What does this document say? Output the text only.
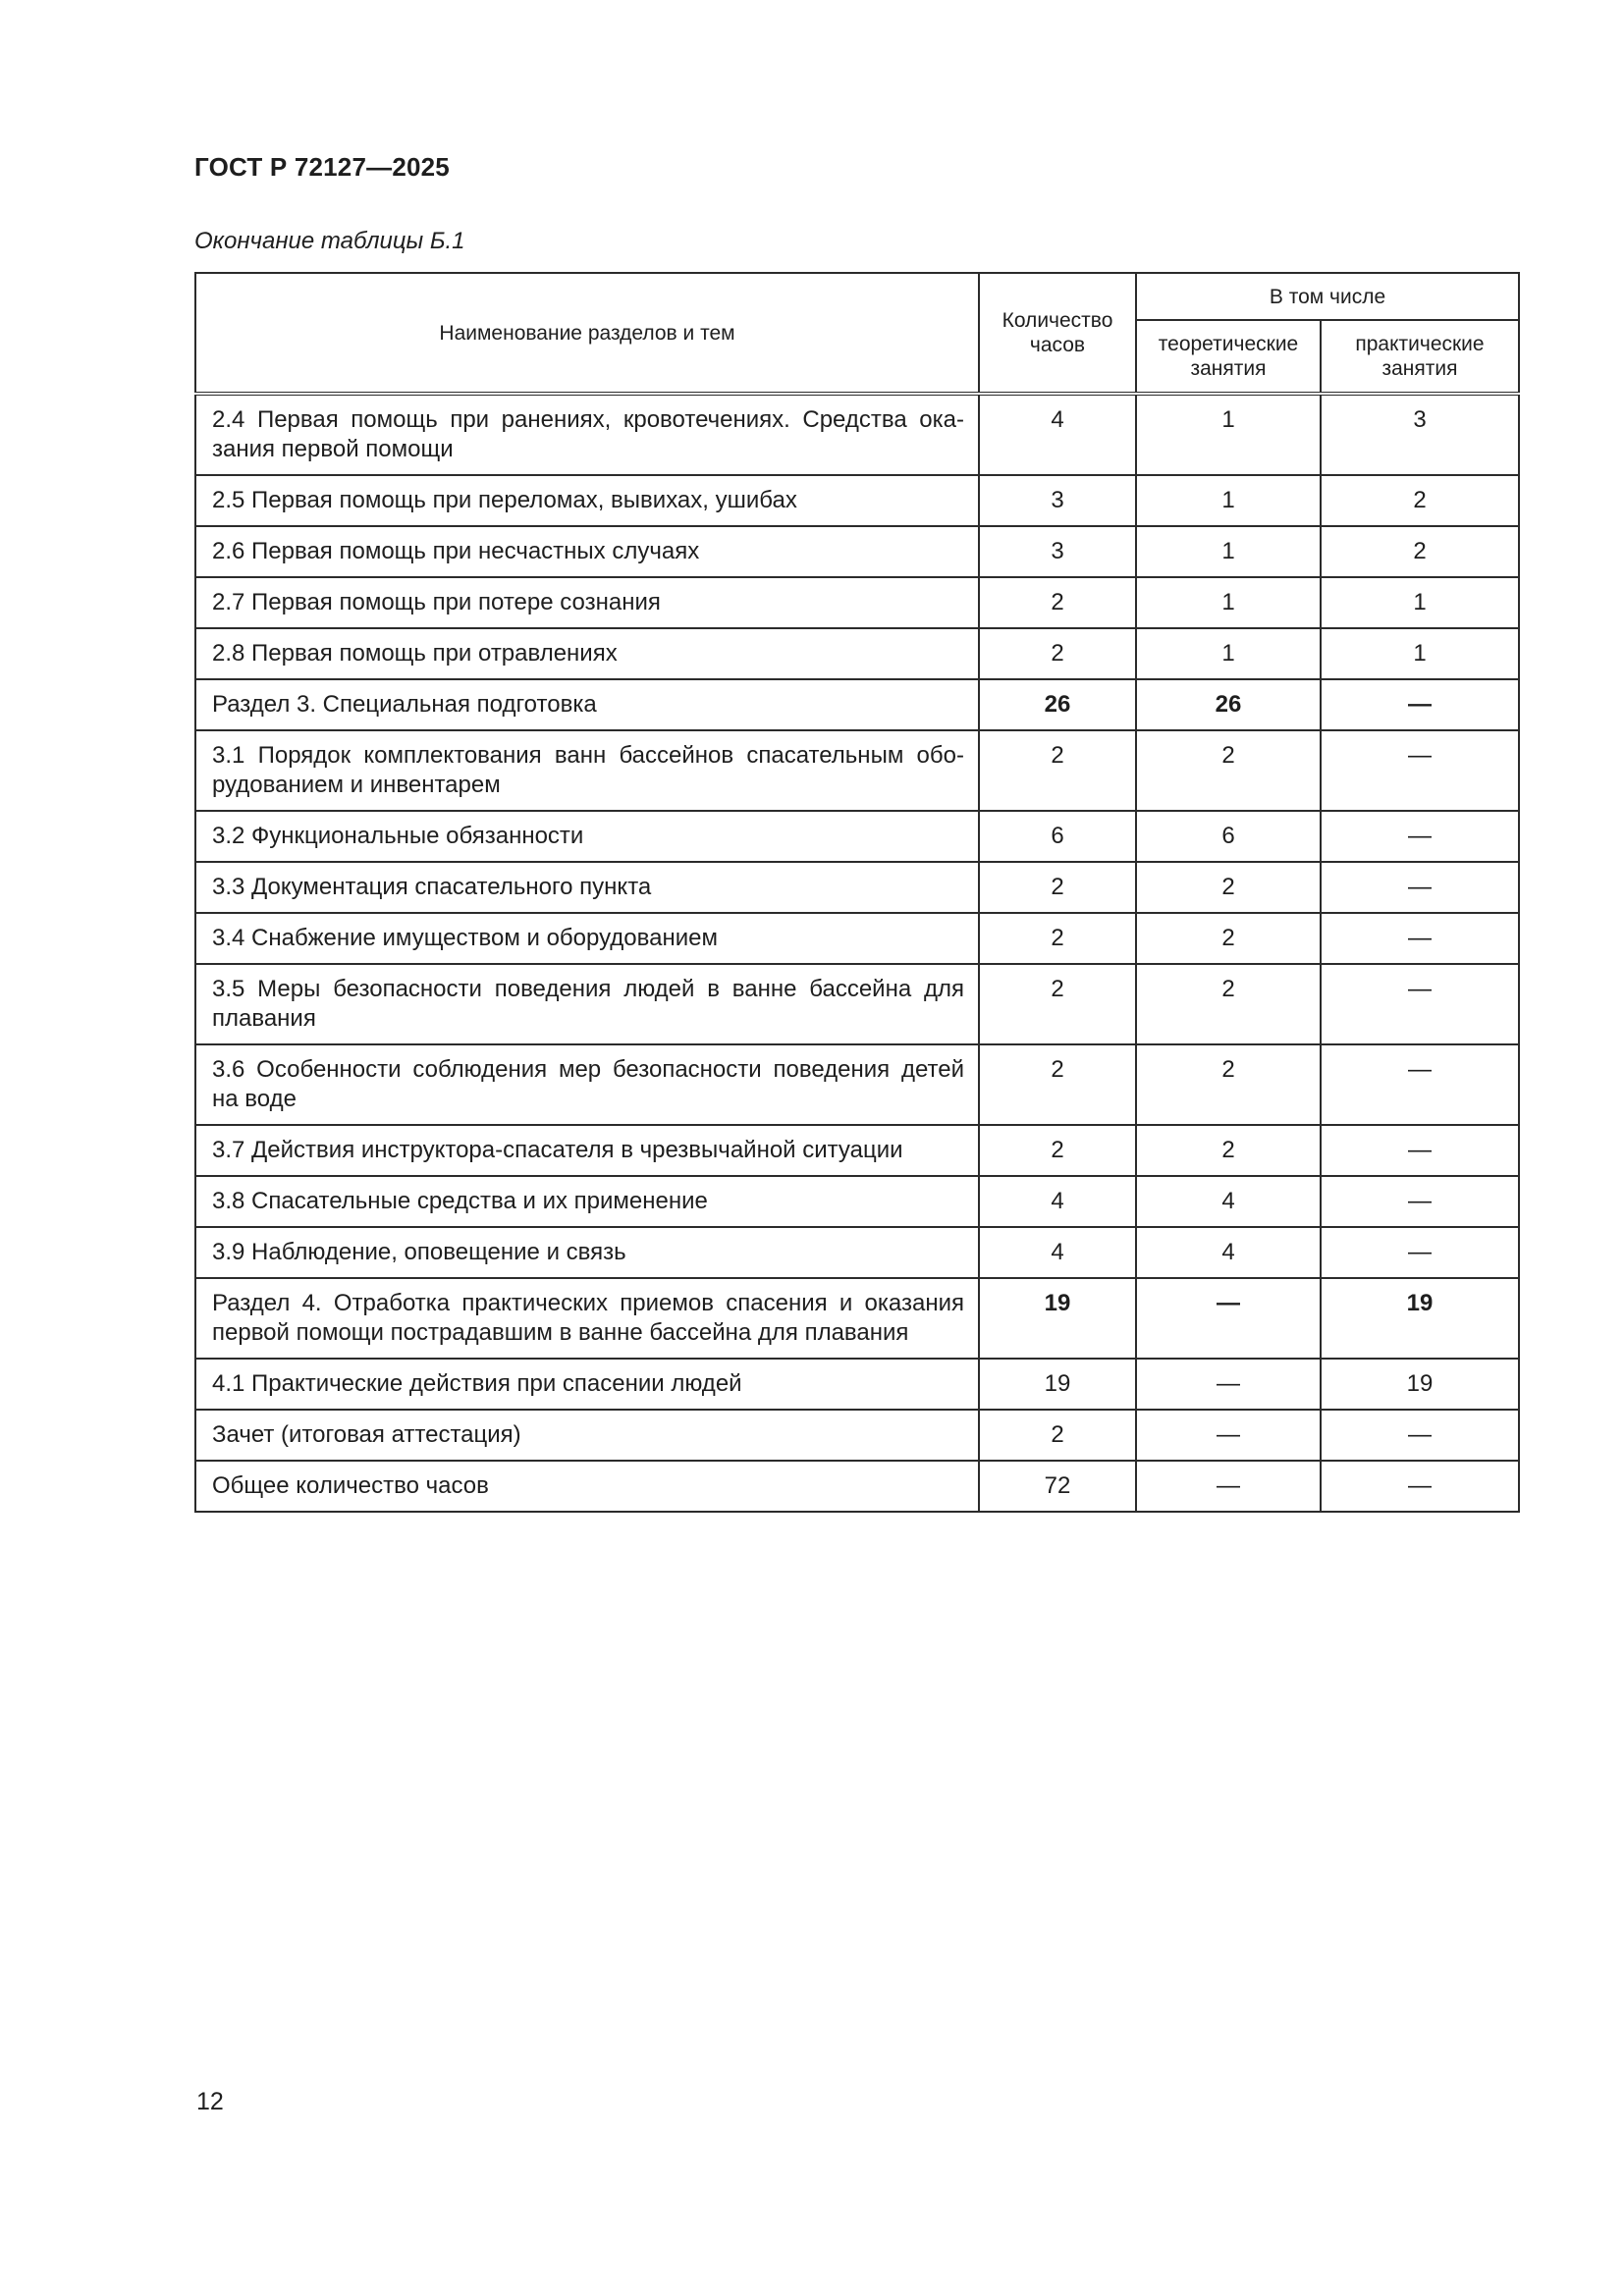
ГОСТ Р 72127—2025
Окончание таблицы Б.1
Наименование разделов и тем	Количество часов	В том числе	
		теоретические занятия	практические занятия
2.4 Первая помощь при ранениях, кровотечениях. Средства ока-зания первой помощи	4	1	3
2.5 Первая помощь при переломах, вывихах, ушибах	3	1	2
2.6 Первая помощь при несчастных случаях	3	1	2
2.7 Первая помощь при потере сознания	2	1	1
2.8 Первая помощь при отравлениях	2	1	1
Раздел 3. Специальная подготовка	26	26	—
3.1 Порядок комплектования ванн бассейнов спасательным обо-рудованием и инвентарем	2	2	—
3.2 Функциональные обязанности	6	6	—
3.3 Документация спасательного пункта	2	2	—
3.4 Снабжение имуществом и оборудованием	2	2	—
3.5 Меры безопасности поведения людей в ванне бассейна для плавания	2	2	—
3.6 Особенности соблюдения мер безопасности поведения детей на воде	2	2	—
3.7 Действия инструктора-спасателя в чрезвычайной ситуации	2	2	—
3.8 Спасательные средства и их применение	4	4	—
3.9 Наблюдение, оповещение и связь	4	4	—
Раздел 4. Отработка практических приемов спасения и оказания первой помощи пострадавшим в ванне бассейна для плавания	19	—	19
4.1 Практические действия при спасении людей	19	—	19
Зачет (итоговая аттестация)	2	—	—
Общее количество часов	72	—	—
12
